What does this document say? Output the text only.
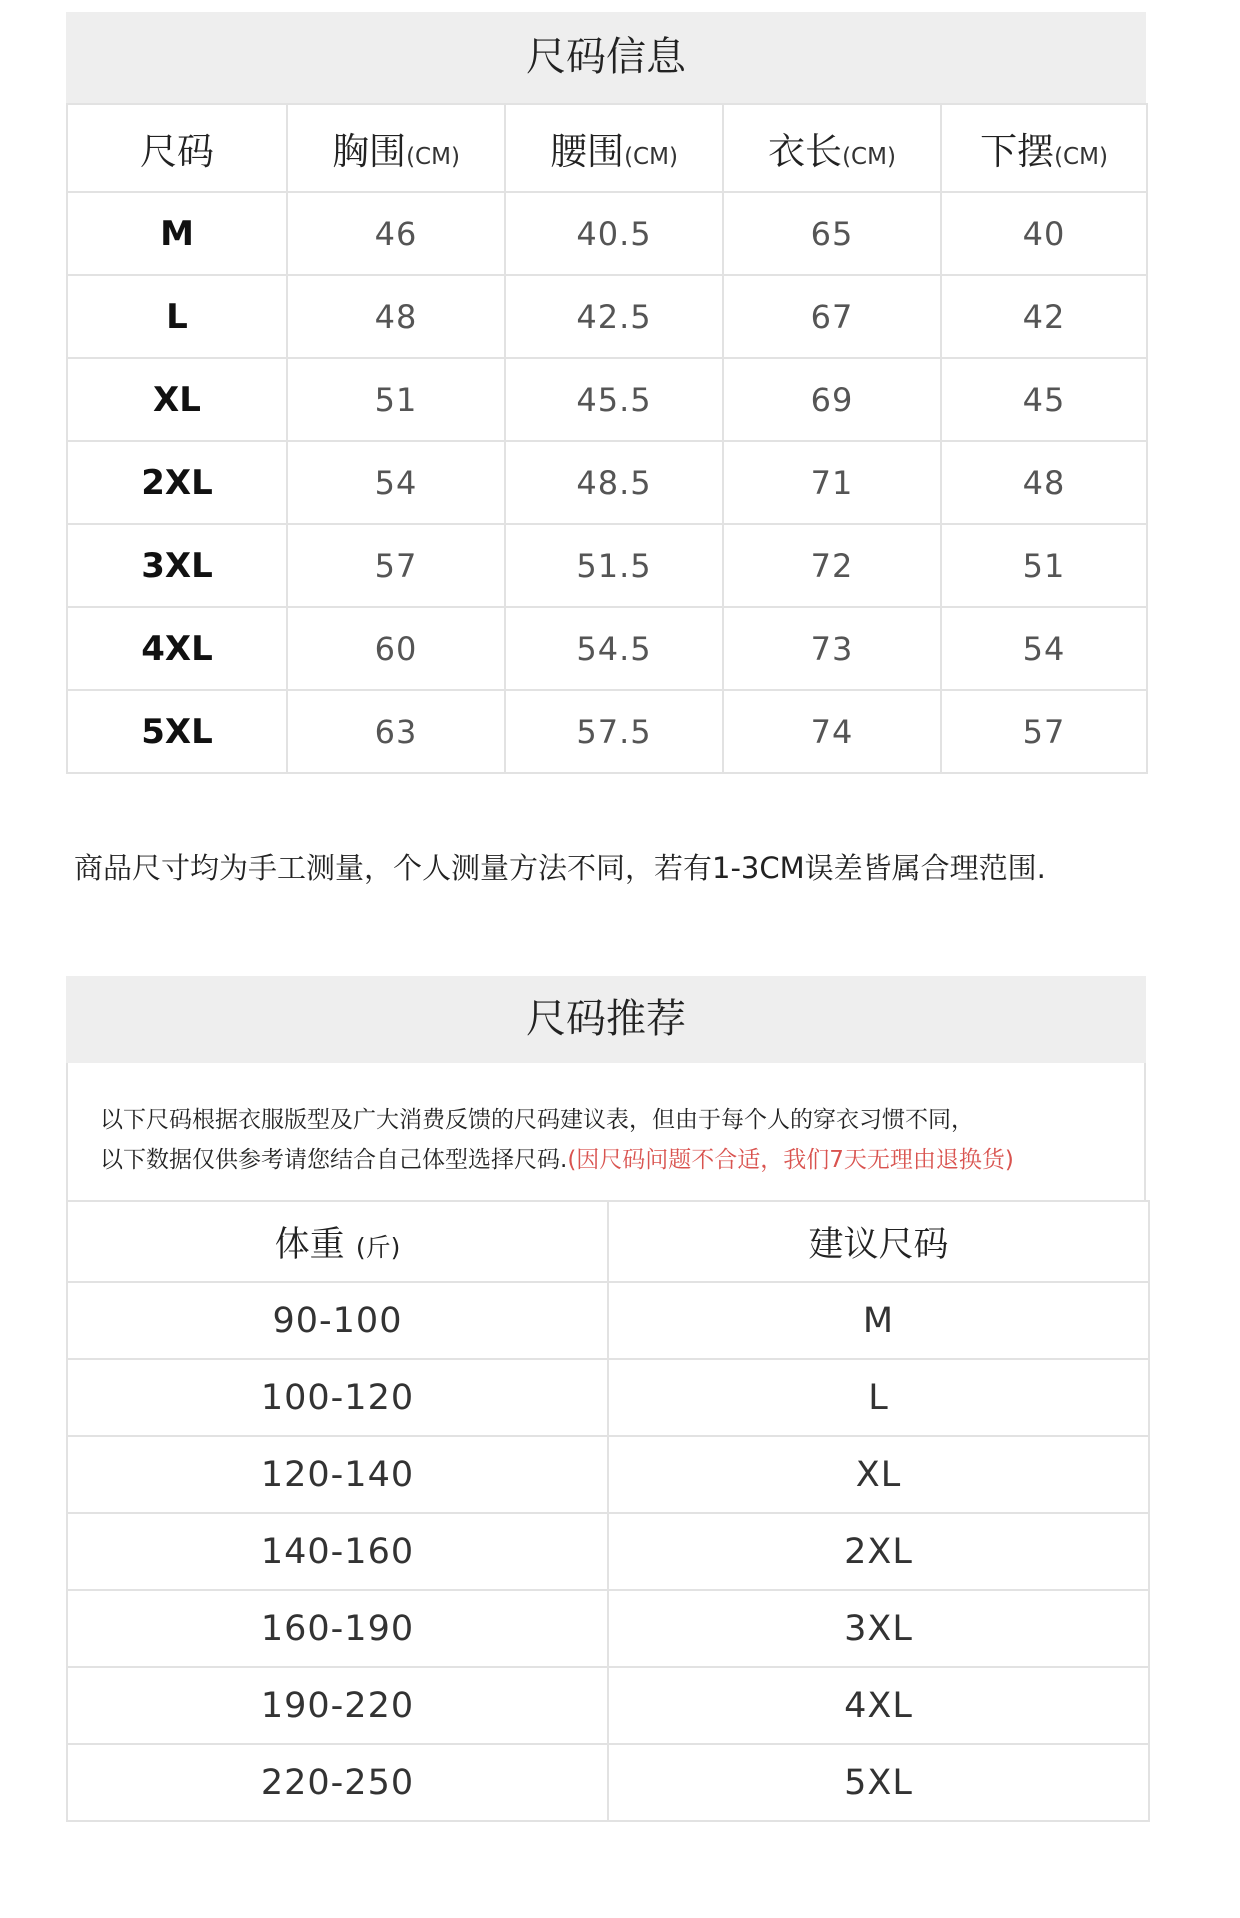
尺码信息
尺码	胸围(CM)	腰围(CM)	衣长(CM)	下摆(CM)
M	46	40.5	65	40
L	48	42.5	67	42
XL	51	45.5	69	45
2XL	54	48.5	71	48
3XL	57	51.5	72	51
4XL	60	54.5	73	54
5XL	63	57.5	74	57
商品尺寸均为手工测量，个人测量方法不同，若有1-3CM误差皆属合理范围.
尺码推荐
以下尺码根据衣服版型及广大消费反馈的尺码建议表，但由于每个人的穿衣习惯不同，
以下数据仅供参考请您结合自己体型选择尺码.(因尺码问题不合适，我们7天无理由退换货)
体重 (斤)	建议尺码
90-100	M
100-120	L
120-140	XL
140-160	2XL
160-190	3XL
190-220	4XL
220-250	5XL
